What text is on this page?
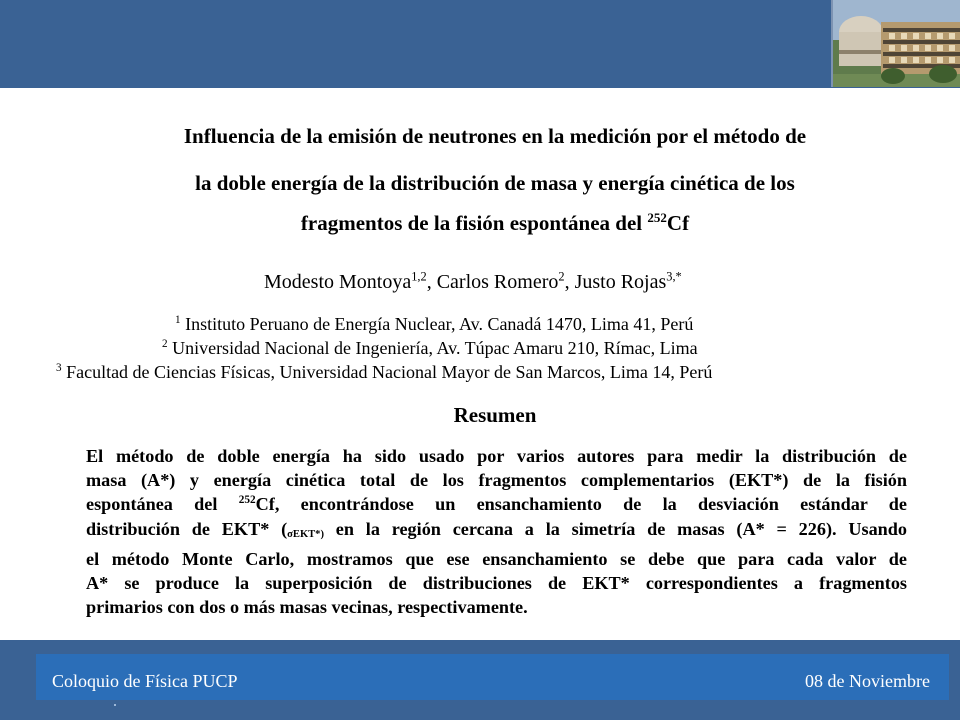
Influencia de la emisión de neutrones en la medición por el método de
la doble energía de la distribución de masa y energía cinética de los
fragmentos de la fisión espontánea del $^{252}$Cf
Modesto Montoya$^{1,2}$, Carlos Romero$^2$, Justo Rojas$^{3,*}$
$^1$ Instituto Peruano de Energía Nuclear, Av. Canadá 1470, Lima 41, Perú
$^2$ Universidad Nacional de Ingeniería, Av. Túpac Amaru 210, Rímac, Lima
$^3$ Facultad de Ciencias Físicas, Universidad Nacional Mayor de San Marcos, Lima 14, Perú
Resumen
El método de doble energía ha sido usado por varios autores para medir la distribución de
masa (A*) y energía cinética total de los fragmentos complementarios (EKT*) de la fisión
espontánea del $^{252}$Cf, encontrándose un ensanchamiento de la desviación estándar de
distribución de EKT* ($_{\sigma EKT*)}$ en la región cercana a la simetría de masas (A* = 226). Usando
el método Monte Carlo, mostramos que ese ensanchamiento se debe que para cada valor de
A* se produce la superposición de distribuciones de EKT* correspondientes a fragmentos
primarios con dos o más masas vecinas, respectivamente.
Coloquio de Física PUCP	08 de Noviembre
